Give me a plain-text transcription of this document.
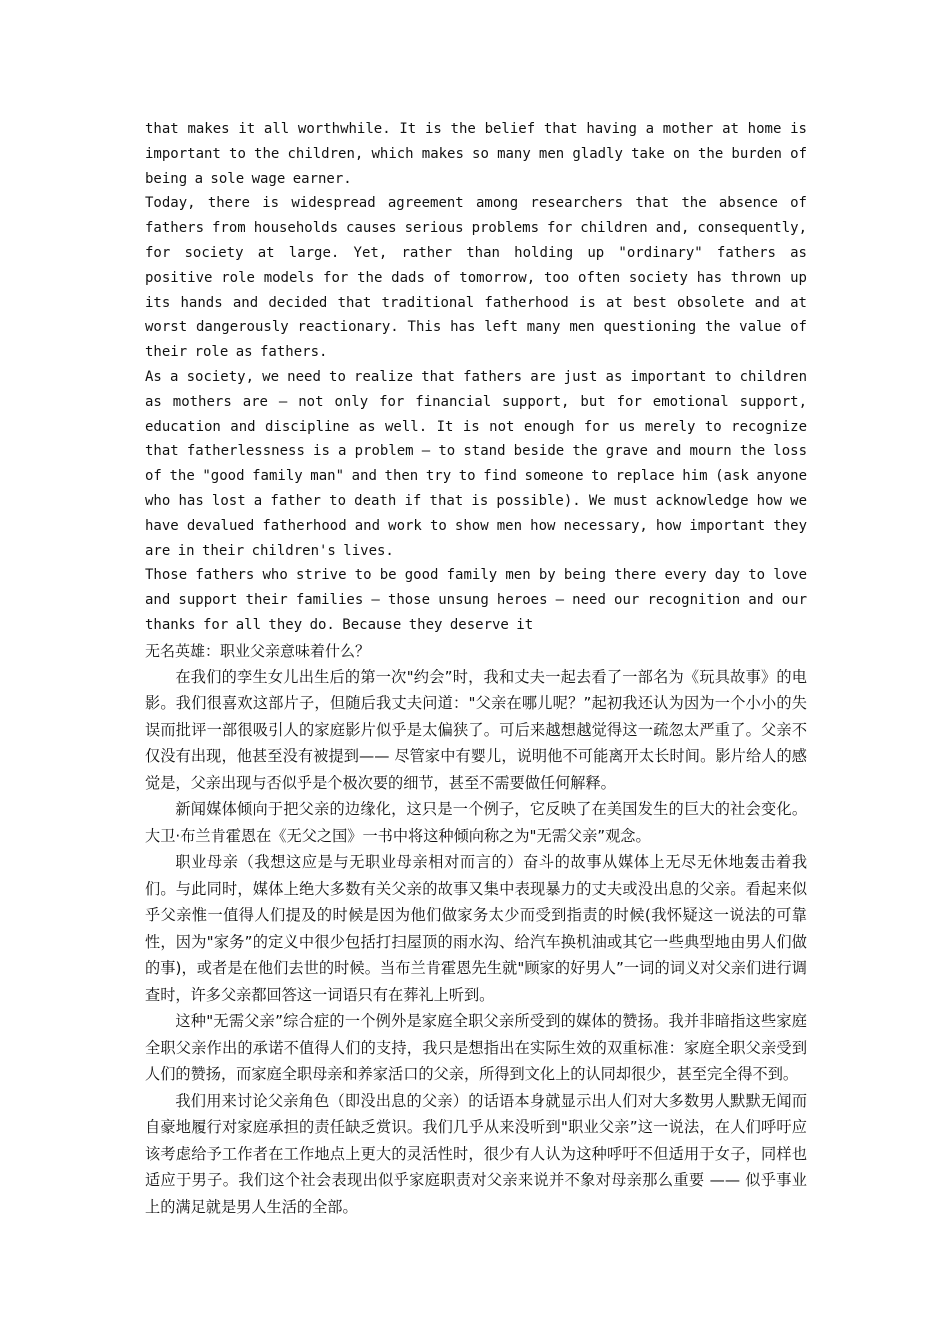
that makes it all worthwhile. It is the belief that having a mother at home is important to the children, which makes so many men gladly take on the burden of being a sole wage earner.

Today, there is widespread agreement among researchers that the absence of fathers from households causes serious problems for children and, consequently, for society at large. Yet, rather than holding up "ordinary" fathers as positive role models for the dads of tomorrow, too often society has thrown up its hands and decided that traditional fatherhood is at best obsolete and at worst dangerously reactionary. This has left many men questioning the value of their role as fathers.

As a society, we need to realize that fathers are just as important to children as mothers are — not only for financial support, but for emotional support, education and discipline as well. It is not enough for us merely to recognize that fatherlessness is a problem — to stand beside the grave and mourn the loss of the "good family man" and then try to find someone to replace him (ask anyone who has lost a father to death if that is possible). We must acknowledge how we have devalued fatherhood and work to show men how necessary, how important they are in their children's lives.

Those fathers who strive to be good family men by being there every day to love and support their families — those unsung heroes — need our recognition and our thanks for all they do. Because they deserve it

无名英雄：职业父亲意味着什么？

在我们的孪生女儿出生后的第一次"约会”时，我和丈夫一起去看了一部名为《玩具故事》的电影。我们很喜欢这部片子，但随后我丈夫问道："父亲在哪儿呢？”起初我还认为因为一个小小的失误而批评一部很吸引人的家庭影片似乎是太偏狭了。可后来越想越觉得这一疏忽太严重了。父亲不仅没有出现，他甚至没有被提到—— 尽管家中有婴儿，说明他不可能离开太长时间。影片给人的感觉是，父亲出现与否似乎是个极次要的细节，甚至不需要做任何解释。

新闻媒体倾向于把父亲的边缘化，这只是一个例子，它反映了在美国发生的巨大的社会变化。大卫·布兰肯霍恩在《无父之国》一书中将这种倾向称之为"无需父亲”观念。

职业母亲（我想这应是与无职业母亲相对而言的）奋斗的故事从媒体上无尽无休地轰击着我们。与此同时，媒体上绝大多数有关父亲的故事又集中表现暴力的丈夫或没出息的父亲。看起来似乎父亲惟一值得人们提及的时候是因为他们做家务太少而受到指责的时候(我怀疑这一说法的可靠性，因为"家务”的定义中很少包括打扫屋顶的雨水沟、给汽车换机油或其它一些典型地由男人们做的事)，或者是在他们去世的时候。当布兰肯霍恩先生就"顾家的好男人”一词的词义对父亲们进行调查时，许多父亲都回答这一词语只有在葬礼上听到。

这种"无需父亲”综合症的一个例外是家庭全职父亲所受到的媒体的赞扬。我并非暗指这些家庭全职父亲作出的承诺不值得人们的支持，我只是想指出在实际生效的双重标准：家庭全职父亲受到人们的赞扬，而家庭全职母亲和养家活口的父亲，所得到文化上的认同却很少，甚至完全得不到。

我们用来讨论父亲角色（即没出息的父亲）的话语本身就显示出人们对大多数男人默默无闻而自豪地履行对家庭承担的责任缺乏赏识。我们几乎从来没听到"职业父亲”这一说法，在人们呼吁应该考虑给予工作者在工作地点上更大的灵活性时，很少有人认为这种呼吁不但适用于女子，同样也适应于男子。我们这个社会表现出似乎家庭职责对父亲来说并不象对母亲那么重要 —— 似乎事业上的满足就是男人生活的全部。
